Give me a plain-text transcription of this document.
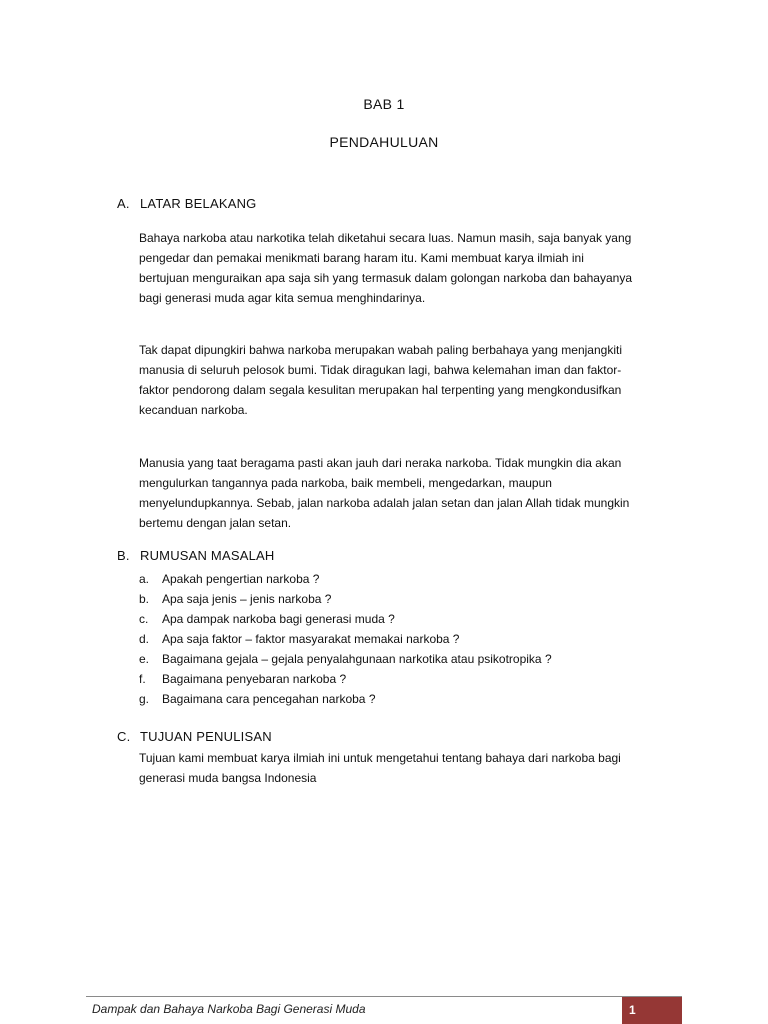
BAB 1
PENDAHULUAN
A. LATAR BELAKANG

Bahaya narkoba atau narkotika telah diketahui secara luas. Namun masih, saja banyak yang
pengedar dan pemakai menikmati barang haram itu. Kami membuat karya ilmiah ini
bertujuan menguraikan apa saja sih yang termasuk dalam golongan narkoba dan bahayanya
bagi generasi muda agar kita semua menghindarinya.

Tak dapat dipungkiri bahwa narkoba merupakan wabah paling berbahaya yang menjangkiti
manusia di seluruh pelosok bumi. Tidak diragukan lagi, bahwa kelemahan iman dan faktor-
faktor pendorong dalam segala kesulitan merupakan hal terpenting yang mengkondusifkan
kecanduan narkoba.

Manusia yang taat beragama pasti akan jauh dari neraka narkoba. Tidak mungkin dia akan
mengulurkan tangannya pada narkoba, baik membeli, mengedarkan, maupun
menyelundupkannya. Sebab, jalan narkoba adalah jalan setan dan jalan Allah tidak mungkin
bertemu dengan jalan setan.

B. RUMUSAN MASALAH
a. Apakah pengertian narkoba ?
b. Apa saja jenis – jenis narkoba ?
c. Apa dampak narkoba bagi generasi muda ?
d. Apa saja faktor – faktor masyarakat memakai narkoba ?
e. Bagaimana gejala – gejala penyalahgunaan narkotika atau psikotropika ?
f. Bagaimana penyebaran narkoba ?
g. Bagaimana cara pencegahan narkoba ?
C. TUJUAN PENULISAN

Tujuan kami membuat karya ilmiah ini untuk mengetahui tentang bahaya dari narkoba bagi
generasi muda bangsa Indonesia

Dampak dan Bahaya Narkoba Bagi Generasi Muda	1
